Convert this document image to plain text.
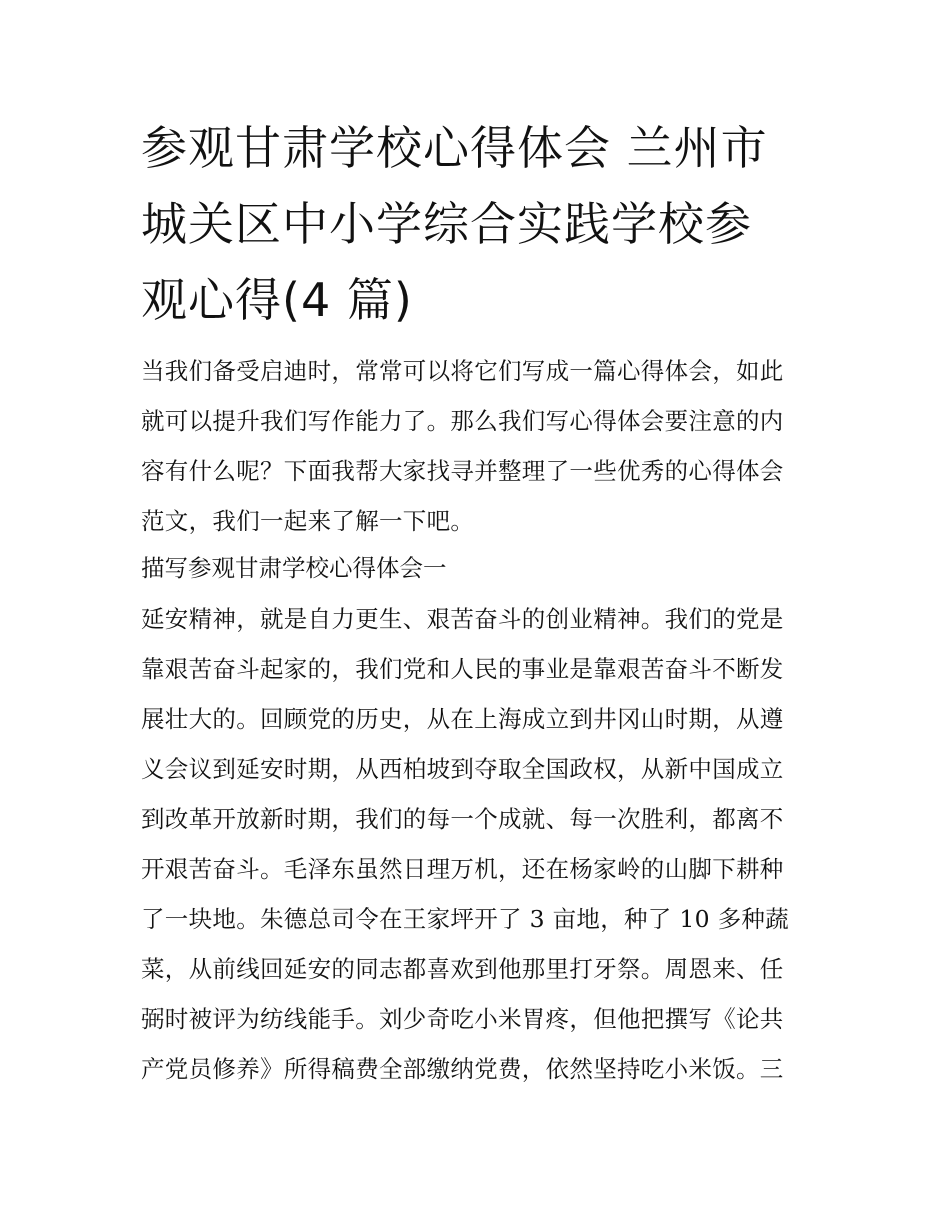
参观甘肃学校心得体会 兰州市
城关区中小学综合实践学校参
观心得(4 篇)
当我们备受启迪时，常常可以将它们写成一篇心得体会，如此
就可以提升我们写作能力了。那么我们写心得体会要注意的内
容有什么呢？下面我帮大家找寻并整理了一些优秀的心得体会
范文，我们一起来了解一下吧。
描写参观甘肃学校心得体会一
延安精神，就是自力更生、艰苦奋斗的创业精神。我们的党是
靠艰苦奋斗起家的，我们党和人民的事业是靠艰苦奋斗不断发
展壮大的。回顾党的历史，从在上海成立到井冈山时期，从遵
义会议到延安时期，从西柏坡到夺取全国政权，从新中国成立
到改革开放新时期，我们的每一个成就、每一次胜利，都离不
开艰苦奋斗。毛泽东虽然日理万机，还在杨家岭的山脚下耕种
了一块地。朱德总司令在王家坪开了 3 亩地，种了 10 多种蔬
菜，从前线回延安的同志都喜欢到他那里打牙祭。周恩来、任
弼时被评为纺线能手。刘少奇吃小米胃疼，但他把撰写《论共
产党员修养》所得稿费全部缴纳党费，依然坚持吃小米饭。三
